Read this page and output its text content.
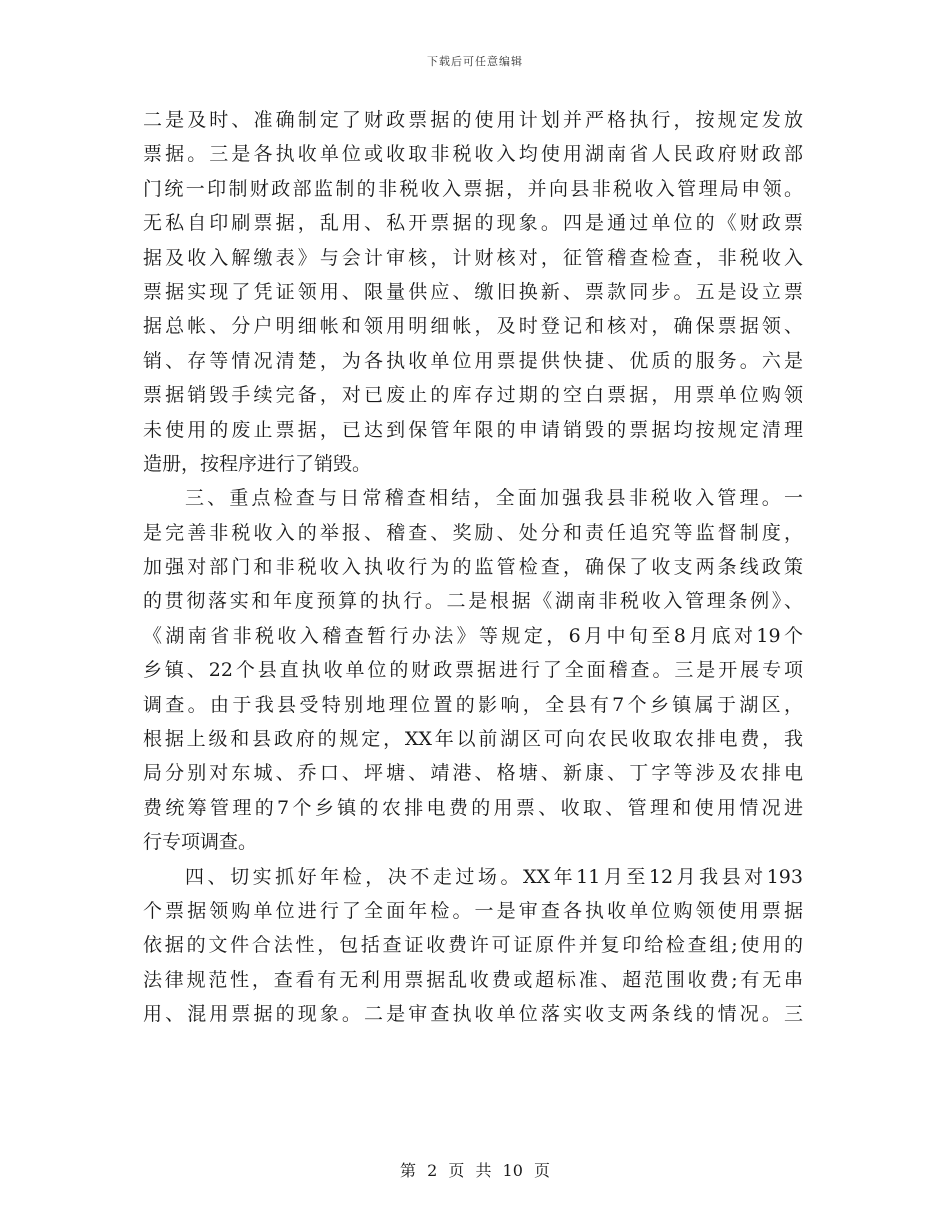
下载后可任意编辑
二是及时、准确制定了财政票据的使用计划并严格执行，按规定发放
票据。三是各执收单位或收取非税收入均使用湖南省人民政府财政部
门统一印制财政部监制的非税收入票据，并向县非税收入管理局申领。
无私自印刷票据，乱用、私开票据的现象。四是通过单位的《财政票
据及收入解缴表》与会计审核，计财核对，征管稽查检查，非税收入
票据实现了凭证领用、限量供应、缴旧换新、票款同步。五是设立票
据总帐、分户明细帐和领用明细帐，及时登记和核对，确保票据领、
销、存等情况清楚，为各执收单位用票提供快捷、优质的服务。六是
票据销毁手续完备，对已废止的库存过期的空白票据，用票单位购领
未使用的废止票据，已达到保管年限的申请销毁的票据均按规定清理
造册，按程序进行了销毁。
三、重点检查与日常稽查相结，全面加强我县非税收入管理。一
是完善非税收入的举报、稽查、奖励、处分和责任追究等监督制度，
加强对部门和非税收入执收行为的监管检查，确保了收支两条线政策
的贯彻落实和年度预算的执行。二是根据《湖南非税收入管理条例》、
《湖南省非税收入稽查暂行办法》等规定，6月中旬至8月底对19个
乡镇、22个县直执收单位的财政票据进行了全面稽查。三是开展专项
调查。由于我县受特别地理位置的影响，全县有7个乡镇属于湖区，
根据上级和县政府的规定，XX年以前湖区可向农民收取农排电费，我
局分别对东城、乔口、坪塘、靖港、格塘、新康、丁字等涉及农排电
费统筹管理的7个乡镇的农排电费的用票、收取、管理和使用情况进
行专项调查。
四、切实抓好年检，决不走过场。XX年11月至12月我县对193
个票据领购单位进行了全面年检。一是审查各执收单位购领使用票据
依据的文件合法性，包括查证收费许可证原件并复印给检查组;使用的
法律规范性，查看有无利用票据乱收费或超标准、超范围收费;有无串
用、混用票据的现象。二是审查执收单位落实收支两条线的情况。三
第 2 页 共 10 页
